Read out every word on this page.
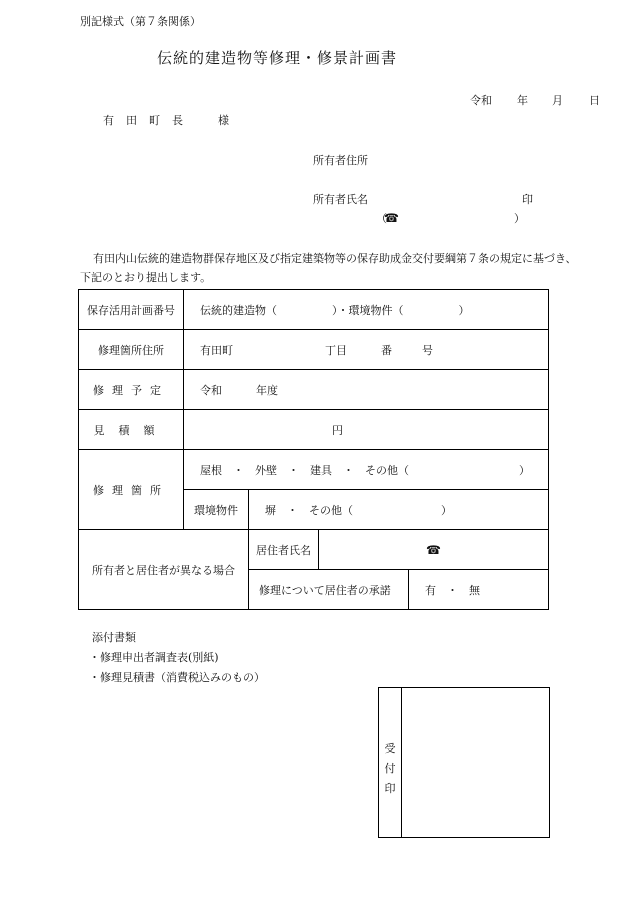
別記様式（第７条関係）
伝統的建造物等修理・修景計画書
令和 年 月 日
有田町長　様
所有者住所
所有者氏名	印
（
☎	）
有田内山伝統的建造物群保存地区及び指定建築物等の保存助成金交付要綱第７条の規定に基づき、
下記のとおり提出します。
保存活用計画番号	伝統的建造物（　　　　　）・環境物件（　　　　　）			
修理箇所住所	有田町 丁目 番 号			
修理予定	令和 年度			
見積額	円			
修理箇所	屋根　・　外壁　・　建具　・　その他（　　　　　　　　　　）			
	環境物件	塀　・　その他（　　　　　　　　）		
所有者と居住者が異なる場合		居住者氏名	☎	
		修理について居住者の承諾		有　・　無
添付書類
・修理申出者調査表(別紙)
・修理見積書（消費税込みのもの）
受
付
印
